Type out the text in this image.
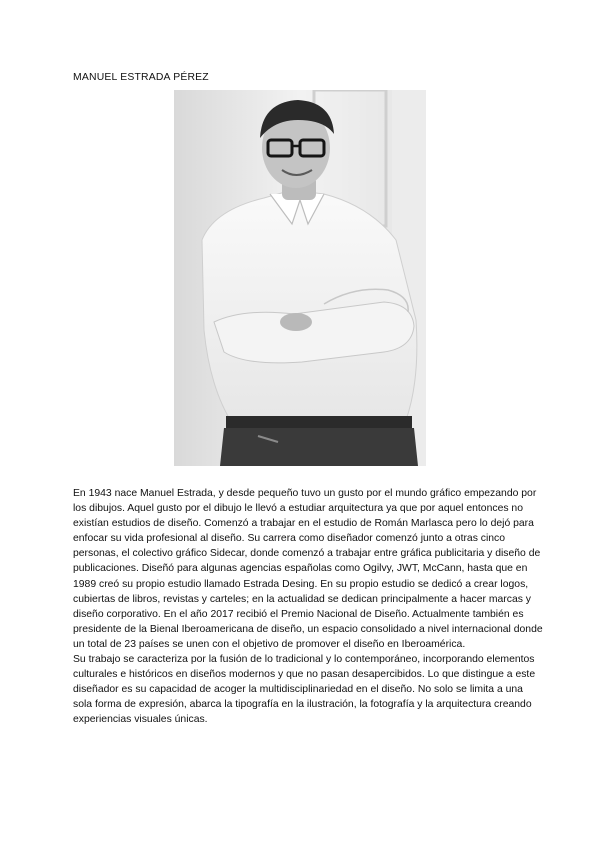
MANUEL ESTRADA PÉREZ

En 1943 nace Manuel Estrada, y desde pequeño tuvo un gusto por el mundo gráfico empezando por los dibujos. Aquel gusto por el dibujo le llevó a estudiar arquitectura ya que por aquel entonces no existían estudios de diseño. Comenzó a trabajar en el estudio de Román Marlasca pero lo dejó para enfocar su vida profesional al diseño. Su carrera como diseñador comenzó junto a otras cinco personas, el colectivo gráfico Sidecar, donde comenzó a trabajar entre gráfica publicitaria y diseño de publicaciones. Diseñó para algunas agencias españolas como Ogilvy, JWT, McCann, hasta que en 1989 creó su propio estudio llamado Estrada Desing. En su propio estudio se dedicó a crear logos, cubiertas de libros, revistas y carteles; en la actualidad se dedican principalmente a hacer marcas y diseño corporativo. En el año 2017 recibió el Premio Nacional de Diseño. Actualmente también es presidente de la Bienal Iberoamericana de diseño, un espacio consolidado a nivel internacional donde un total de 23 países se unen con el objetivo de promover el diseño en Iberoamérica.

Su trabajo se caracteriza por la fusión de lo tradicional y lo contemporáneo, incorporando elementos culturales e históricos en diseños modernos y que no pasan desapercibidos. Lo que distingue a este diseñador es su capacidad de acoger la multidisciplinariedad en el diseño. No solo se limita a una sola forma de expresión, abarca la tipografía en la ilustración, la fotografía y la arquitectura creando experiencias visuales únicas.
